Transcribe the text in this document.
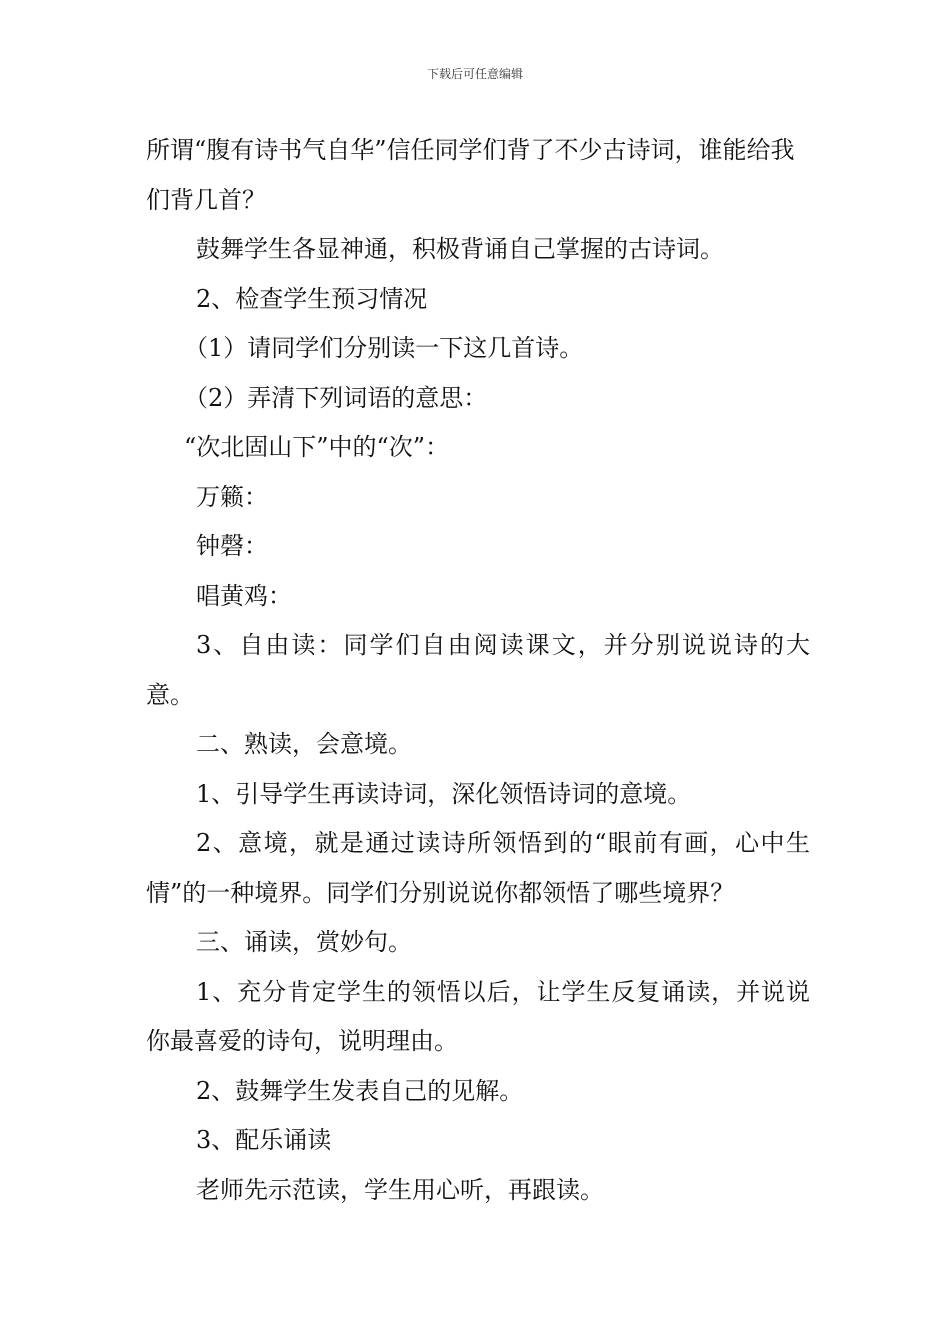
下载后可任意编辑

所谓“腹有诗书气自华”信任同学们背了不少古诗词，谁能给我们背几首？

鼓舞学生各显神通，积极背诵自己掌握的古诗词。

2、检查学生预习情况

（1）请同学们分别读一下这几首诗。

（2）弄清下列词语的意思：

“次北固山下”中的“次”：

万籁：

钟磬：

唱黄鸡：

3、自由读：同学们自由阅读课文，并分别说说诗的大意。

二、熟读，会意境。

1、引导学生再读诗词，深化领悟诗词的意境。

2、意境，就是通过读诗所领悟到的“眼前有画，心中生情”的一种境界。同学们分别说说你都领悟了哪些境界？

三、诵读，赏妙句。

1、充分肯定学生的领悟以后，让学生反复诵读，并说说你最喜爱的诗句，说明理由。

2、鼓舞学生发表自己的见解。

3、配乐诵读

老师先示范读，学生用心听，再跟读。
